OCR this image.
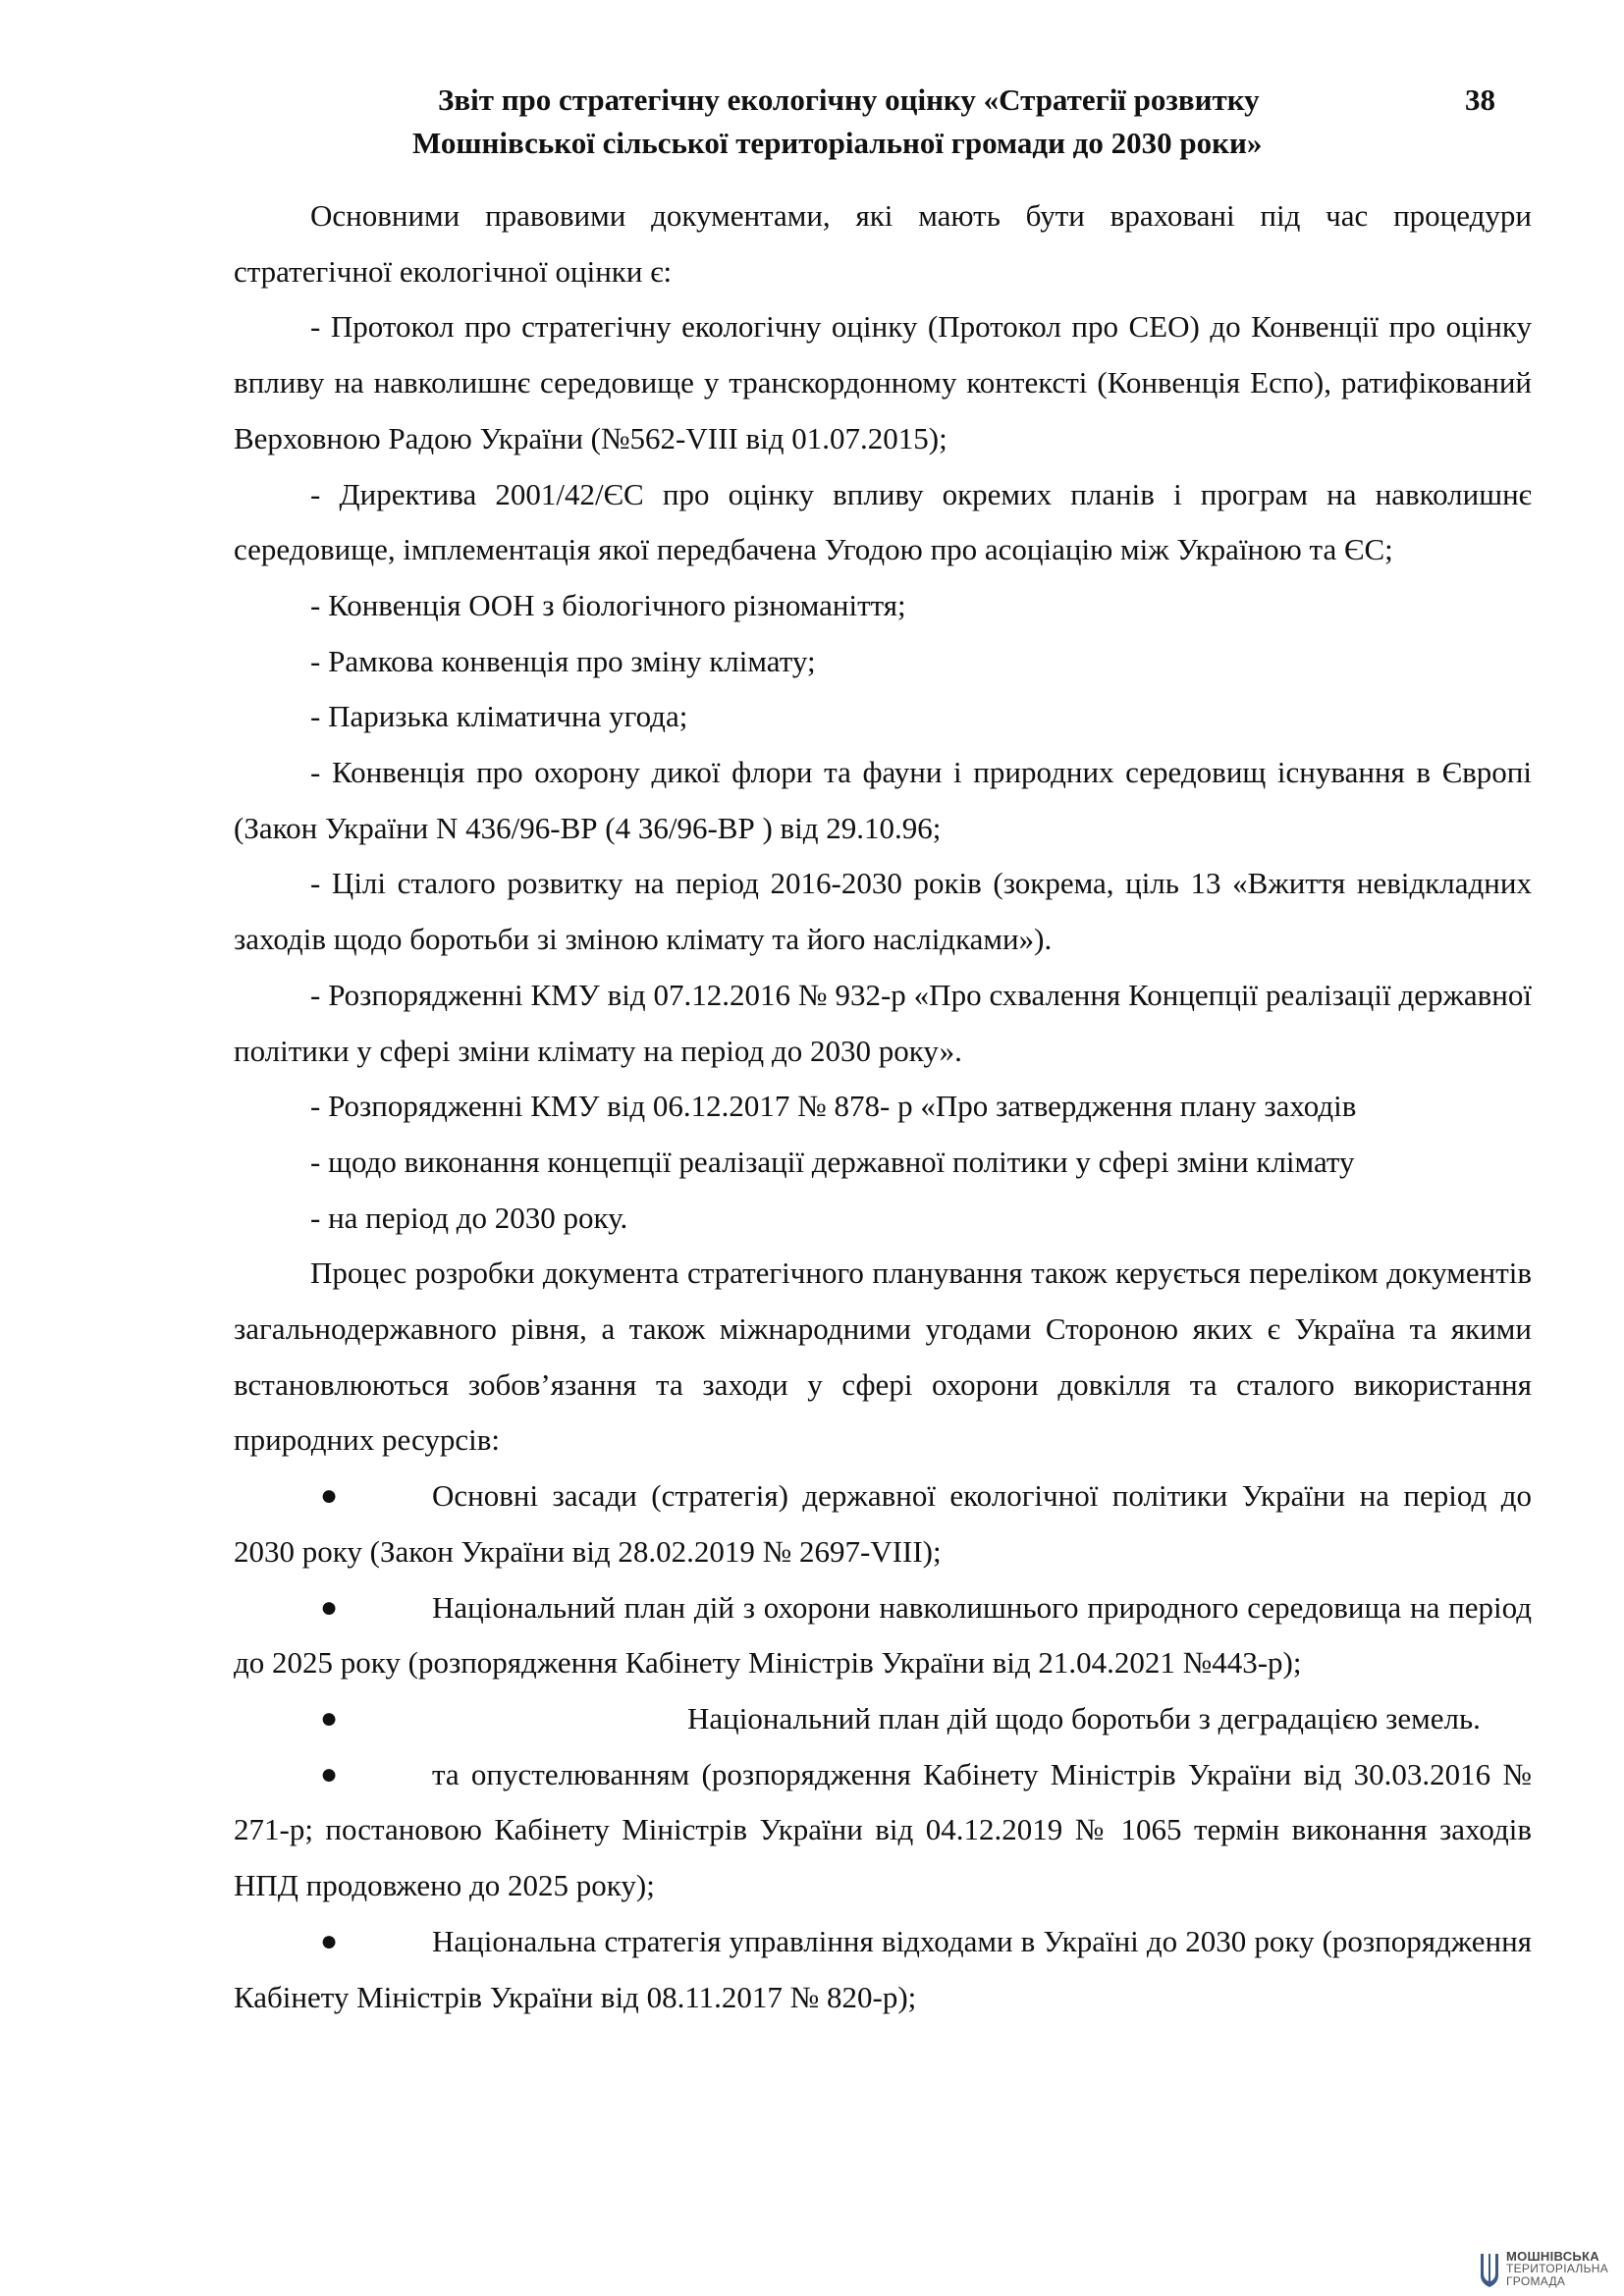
Звіт про стратегічну екологічну оцінку «Стратегії розвитку
Мошнівської сільської територіальної громади до 2030 роки»
38

Основними правовими документами, які мають бути враховані під час процедури стратегічної екологічної оцінки є:

- Протокол про стратегічну екологічну оцінку (Протокол про СЕО) до Конвенції про оцінку впливу на навколишнє середовище у транскордонному контексті (Конвенція Еспо), ратифікований Верховною Радою України (№562-VIII від 01.07.2015);

- Директива 2001/42/ЄС про оцінку впливу окремих планів і програм на навколишнє середовище, імплементація якої передбачена Угодою про асоціацію між Україною та ЄС;

- Конвенція ООН з біологічного різноманіття;

- Рамкова конвенція про зміну клімату;

- Паризька кліматична угода;

- Конвенція про охорону дикої флори та фауни і природних середовищ існування в Європі (Закон України N 436/96-ВР (4 36/96-ВР ) від 29.10.96;

- Цілі сталого розвитку на період 2016-2030 років (зокрема, ціль 13 «Вжиття невідкладних заходів щодо боротьби зі зміною клімату та його наслідками»).

- Розпорядженні КМУ від 07.12.2016 № 932-р «Про схвалення Концепції реалізації державної політики у сфері зміни клімату на період до 2030 року».

- Розпорядженні КМУ від 06.12.2017 № 878- р «Про затвердження плану заходів

- щодо виконання концепції реалізації державної політики у сфері зміни клімату

- на період до 2030 року.

Процес розробки документа стратегічного планування також керується переліком документів загальнодержавного рівня, а також міжнародними угодами Стороною яких є Україна та якими встановлюються зобов’язання та заходи у сфері охорони довкілля та сталого використання природних ресурсів:

●	Основні засади (стратегія) державної екологічної політики України на період до 2030 року (Закон України від 28.02.2019 № 2697-VIII);
●	Національний план дій з охорони навколишнього природного середовища на період до 2025 року (розпорядження Кабінету Міністрів України від 21.04.2021 №443-р);
●	Національний план дій щодо боротьби з деградацією земель.
●	та опустелюванням (розпорядження Кабінету Міністрів України від 30.03.2016 № 271-р; постановою Кабінету Міністрів України від 04.12.2019 № 1065 термін виконання заходів НПД продовжено до 2025 року);
●	Національна стратегія управління відходами в Україні до 2030 року (розпорядження Кабінету Міністрів України від 08.11.2017 № 820-р);
МОШНІВСЬКА
ТЕРИТОРІАЛЬНА
ГРОМАДА
